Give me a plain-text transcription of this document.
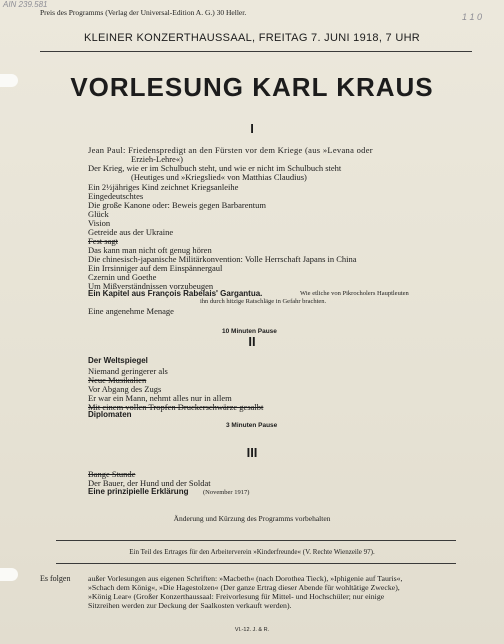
AIN 239.581
1 1 0
Preis des Programms (Verlag der Universal-Edition A. G.) 30 Heller.
KLEINER KONZERTHAUSSAAL, FREITAG 7. JUNI 1918, 7 UHR
VORLESUNG KARL KRAUS
I
Jean Paul: Friedenspredigt an den Fürsten vor dem Kriege (aus »Levana oder
Erzieh-Lehre«)
Der Krieg, wie er im Schulbuch steht, und wie er nicht im Schulbuch steht
(Heutiges und »Kriegslied« von Matthias Claudius)
Ein 2½jähriges Kind zeichnet Kriegsanleihe
Eingedeutschtes
Die große Kanone oder: Beweis gegen Barbarentum
Glück
Vision
Getreide aus der Ukraine
Fest sagt
Das kann man nicht oft genug hören
Die chinesisch-japanische Militärkonvention: Volle Herrschaft Japans in China
Ein Irrsinniger auf dem Einspännergaul
Czernin und Goethe
Um Mißverständnissen vorzubeugen
Ein Kapitel aus François Rabelais' Gargantua.	Wie etliche von Pikrocholers Hauptleuten
ihn durch hitzige Ratschläge in Gefahr brachten.
Eine angenehme Menage
10 Minuten Pause
II
Der Weltspiegel
Niemand geringerer als
Neue Musikalien
Vor Abgang des Zugs
Er war ein Mann, nehmt alles nur in allem
Mit einem vollen Tropfen Druckerschwärze gesalbt
Diplomaten
3 Minuten Pause
III
Bange Stunde
Der Bauer, der Hund und der Soldat
Eine prinzipielle Erklärung (November 1917)
Änderung und Kürzung des Programms vorbehalten
Ein Teil des Ertrages für den Arbeiterverein »Kinderfreunde« (V. Rechte Wienzeile 97).
Es folgen außer Vorlesungen aus eigenen Schriften: »Macbeth« (nach Dorothea Tieck), »Iphigenie auf Tauris«,
»Schach dem König«, »Die Hagestolzen« (Der ganze Ertrag dieser Abende für wohltätige Zwecke),
»König Lear« (Großer Konzerthaussaal: Freivorlesung für Mittel- und Hochschüler; nur einige
Sitzreihen werden zur Deckung der Saalkosten verkauft werden).
VI.-12. J. & R.
